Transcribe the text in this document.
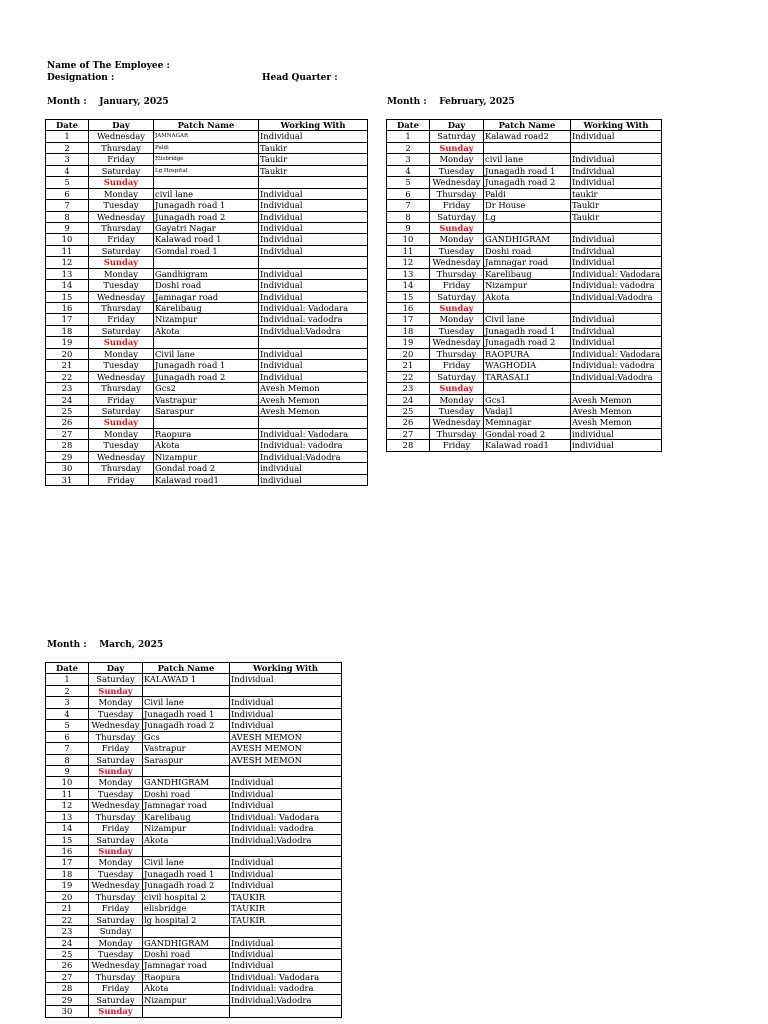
Name of The Employee :
Designation :	Head Quarter :
Month : January, 2025
Date	Day	Patch Name	Working With
1	Wednesday	JAMNAGAR	Individual
2	Thursday	Paldi	Taukir
3	Friday	Elisbridge	Taukir
4	Saturday	Lg Hospital	Taukir
5	Sunday		
6	Monday	civil lane	Individual
7	Tuesday	Junagadh road 1	Individual
8	Wednesday	Junagadh road 2	Individual
9	Thursday	Gayatri Nagar	Individual
10	Friday	Kalawad road 1	Individual
11	Saturday	Gomdal road 1	Individual
12	Sunday		
13	Monday	Gandhigram	Individual
14	Tuesday	Doshi road	Individual
15	Wednesday	Jamnagar road	Individual
16	Thursday	Karelibaug	Individual: Vadodara
17	Friday	Nizampur	Individual: vadodra
18	Saturday	Akota	Individual:Vadodra
19	Sunday		
20	Monday	Civil lane	Individual
21	Tuesday	Junagadh road 1	Individual
22	Wednesday	Junagadh road 2	Individual
23	Thursday	Gcs2	Avesh Memon
24	Friday	Vastrapur	Avesh Memon
25	Saturday	Saraspur	Avesh Memon
26	Sunday		
27	Monday	Raopura	Individual: Vadodara
28	Tuesday	Akota	Individual: vadodra
29	Wednesday	Nizampur	Individual:Vadodra
30	Thursday	Gondal road 2	individual
31	Friday	Kalawad road1	individual
Month : February, 2025
Date	Day	Patch Name	Working With
1	Saturday	Kalawad road2	Individual
2	Sunday		
3	Monday	civil lane	Individual
4	Tuesday	Junagadh road 1	Individual
5	Wednesday	Junagadh road 2	Individual
6	Thursday	Paldi	taukir
7	Friday	Dr House	Taukir
8	Saturday	Lg	Taukir
9	Sunday		
10	Monday	GANDHIGRAM	Individual
11	Tuesday	Doshi road	Individual
12	Wednesday	Jamnagar road	Individual
13	Thursday	Karelibaug	Individual: Vadodara
14	Friday	Nizampur	Individual: vadodra
15	Saturday	Akota	Individual:Vadodra
16	Sunday		
17	Monday	Civil lane	Individual
18	Tuesday	Junagadh road 1	Individual
19	Wednesday	Junagadh road 2	Individual
20	Thursday	RAOPURA	Individual: Vadodara
21	Friday	WAGHODIA	Individual: vadodra
22	Saturday	TARASALI	Individual:Vadodra
23	Sunday		
24	Monday	Gcs1	Avesh Memon
25	Tuesday	Vadaj1	Avesh Memon
26	Wednesday	Memnagar	Avesh Memon
27	Thursday	Gondal road 2	individual
28	Friday	Kalawad road1	individual
Month : March, 2025
Date	Day	Patch Name	Working With
1	Saturday	KALAWAD 1	Individual
2	Sunday		
3	Monday	Civil lane	Individual
4	Tuesday	Junagadh road 1	Individual
5	Wednesday	Junagadh road 2	Individual
6	Thursday	Gcs	AVESH MEMON
7	Friday	Vastrapur	AVESH MEMON
8	Saturday	Saraspur	AVESH MEMON
9	Sunday		
10	Monday	GANDHIGRAM	Individual
11	Tuesday	Doshi road	Individual
12	Wednesday	Jamnagar road	Individual
13	Thursday	Karelibaug	Individual: Vadodara
14	Friday	Nizampur	Individual: vadodra
15	Saturday	Akota	Individual:Vadodra
16	Sunday		
17	Monday	Civil lane	Individual
18	Tuesday	Junagadh road 1	Individual
19	Wednesday	Junagadh road 2	Individual
20	Thursday	civil hospital 2	TAUKIR
21	Friday	elisbridge	TAUKIR
22	Saturday	lg hospital 2	TAUKIR
23	Sunday		
24	Monday	GANDHIGRAM	Individual
25	Tuesday	Doshi road	Individual
26	Wednesday	Jamnagar road	Individual
27	Thursday	Raopura	Individual: Vadodara
28	Friday	Akota	Individual: vadodra
29	Saturday	Nizampur	Individual:Vadodra
30	Sunday		
